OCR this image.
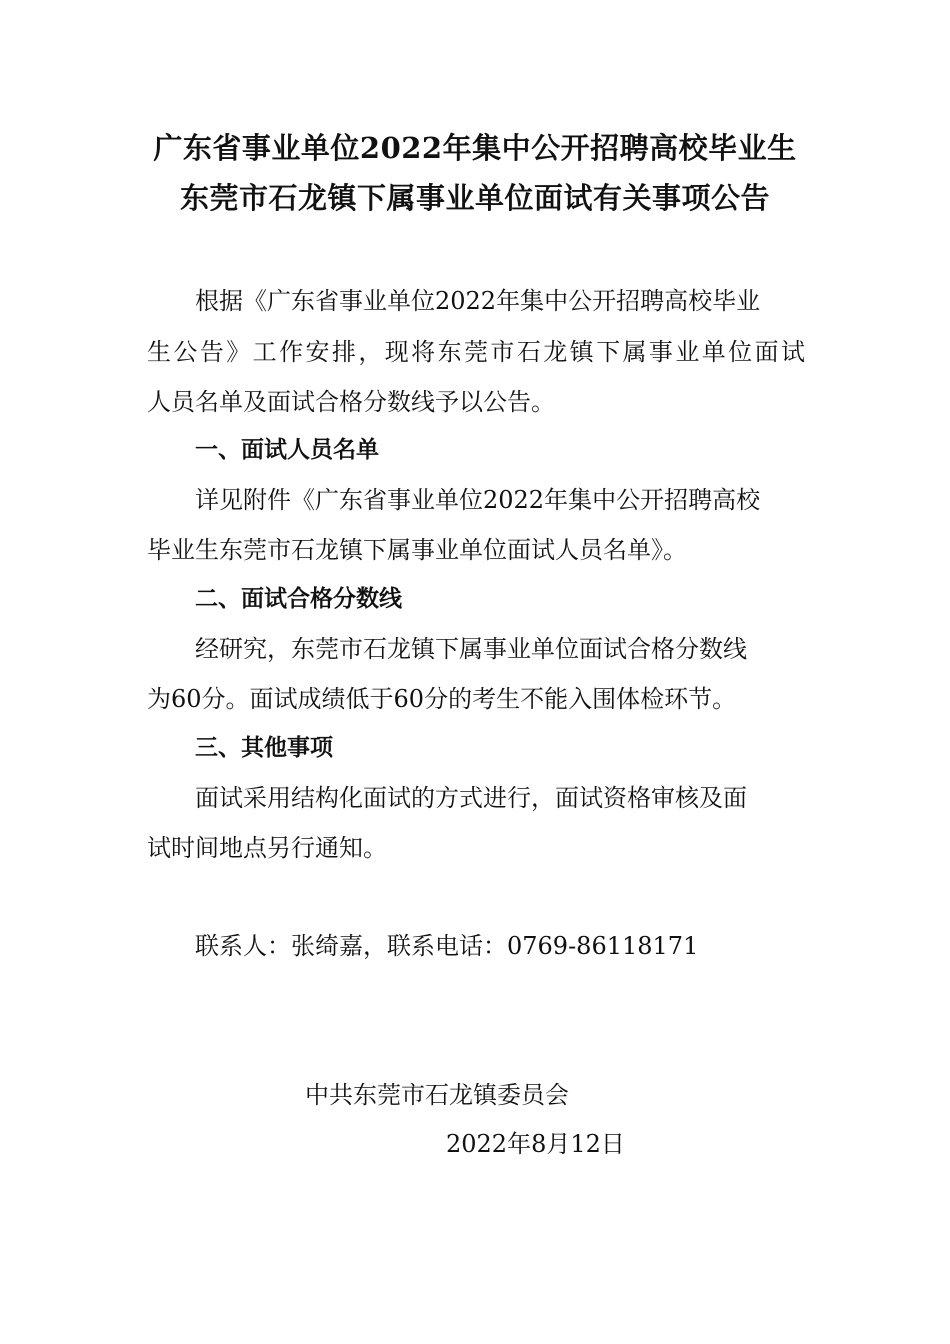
广东省事业单位2022年集中公开招聘高校毕业生
东莞市石龙镇下属事业单位面试有关事项公告
根据《广东省事业单位2022年集中公开招聘高校毕业
生公告》工作安排，现将东莞市石龙镇下属事业单位面试
人员名单及面试合格分数线予以公告。
一、面试人员名单
详见附件《广东省事业单位2022年集中公开招聘高校
毕业生东莞市石龙镇下属事业单位面试人员名单》。
二、面试合格分数线
经研究，东莞市石龙镇下属事业单位面试合格分数线
为60分。面试成绩低于60分的考生不能入围体检环节。
三、其他事项
面试采用结构化面试的方式进行，面试资格审核及面
试时间地点另行通知。
联系人：张绮嘉，联系电话：0769-86118171
中共东莞市石龙镇委员会
2022年8月12日
